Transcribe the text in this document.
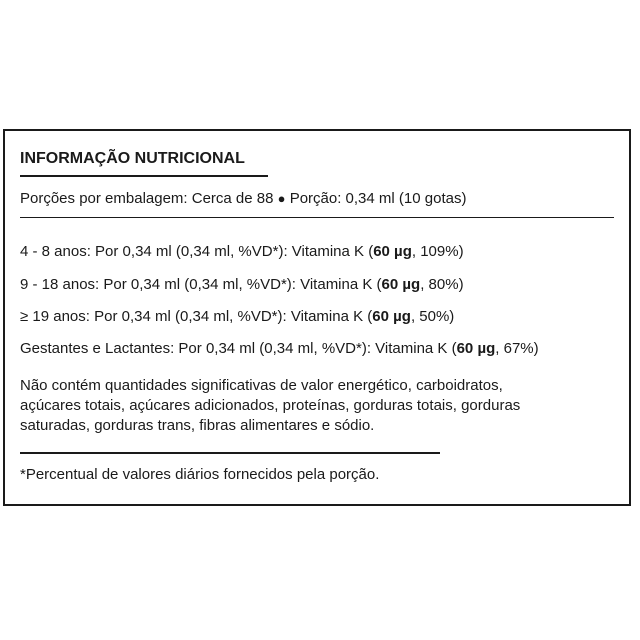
INFORMAÇÃO NUTRICIONAL

Porções por embalagem: Cerca de 88 ● Porção: 0,34 ml (10 gotas)

4 - 8 anos: Por 0,34 ml (0,34 ml, %VD*): Vitamina K (60 µg, 109%)

9 - 18 anos: Por 0,34 ml (0,34 ml, %VD*): Vitamina K (60 µg, 80%)

≥ 19 anos: Por 0,34 ml (0,34 ml, %VD*): Vitamina K (60 µg, 50%)

Gestantes e Lactantes: Por 0,34 ml (0,34 ml, %VD*): Vitamina K (60 µg, 67%)

Não contém quantidades significativas de valor energético, carboidratos,
açúcares totais, açúcares adicionados, proteínas, gorduras totais, gorduras
saturadas, gorduras trans, fibras alimentares e sódio.

*Percentual de valores diários fornecidos pela porção.
